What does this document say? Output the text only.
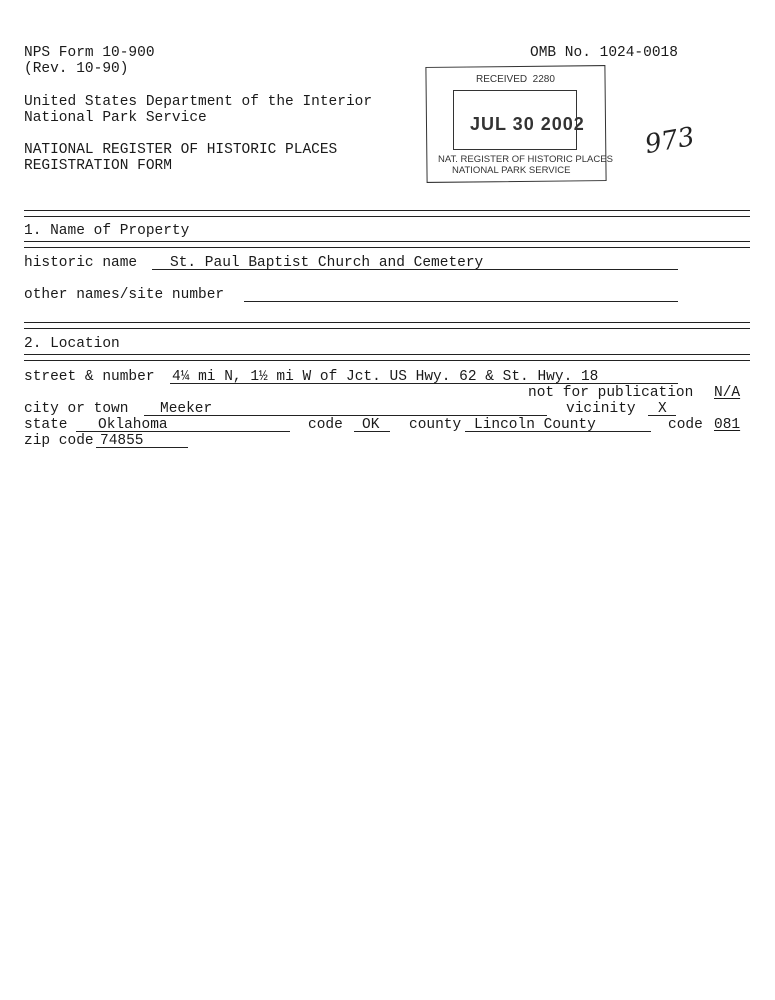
NPS Form 10-900
(Rev. 10-90)
OMB No. 1024-0018
United States Department of the Interior
National Park Service
NATIONAL REGISTER OF HISTORIC PLACES
REGISTRATION FORM
RECEIVED  2280
JUL 30 2002
NAT. REGISTER OF HISTORIC PLACES
NATIONAL PARK SERVICE
973
1. Name of Property
historic name St. Paul Baptist Church and Cemetery
other names/site number
2. Location
street & number 4¼ mi N, 1½ mi W of Jct. US Hwy. 62 & St. Hwy. 18
not for publication N/A
city or town Meeker	vicinity X
state Oklahoma	code OK county Lincoln County	code 081
zip code 74855
